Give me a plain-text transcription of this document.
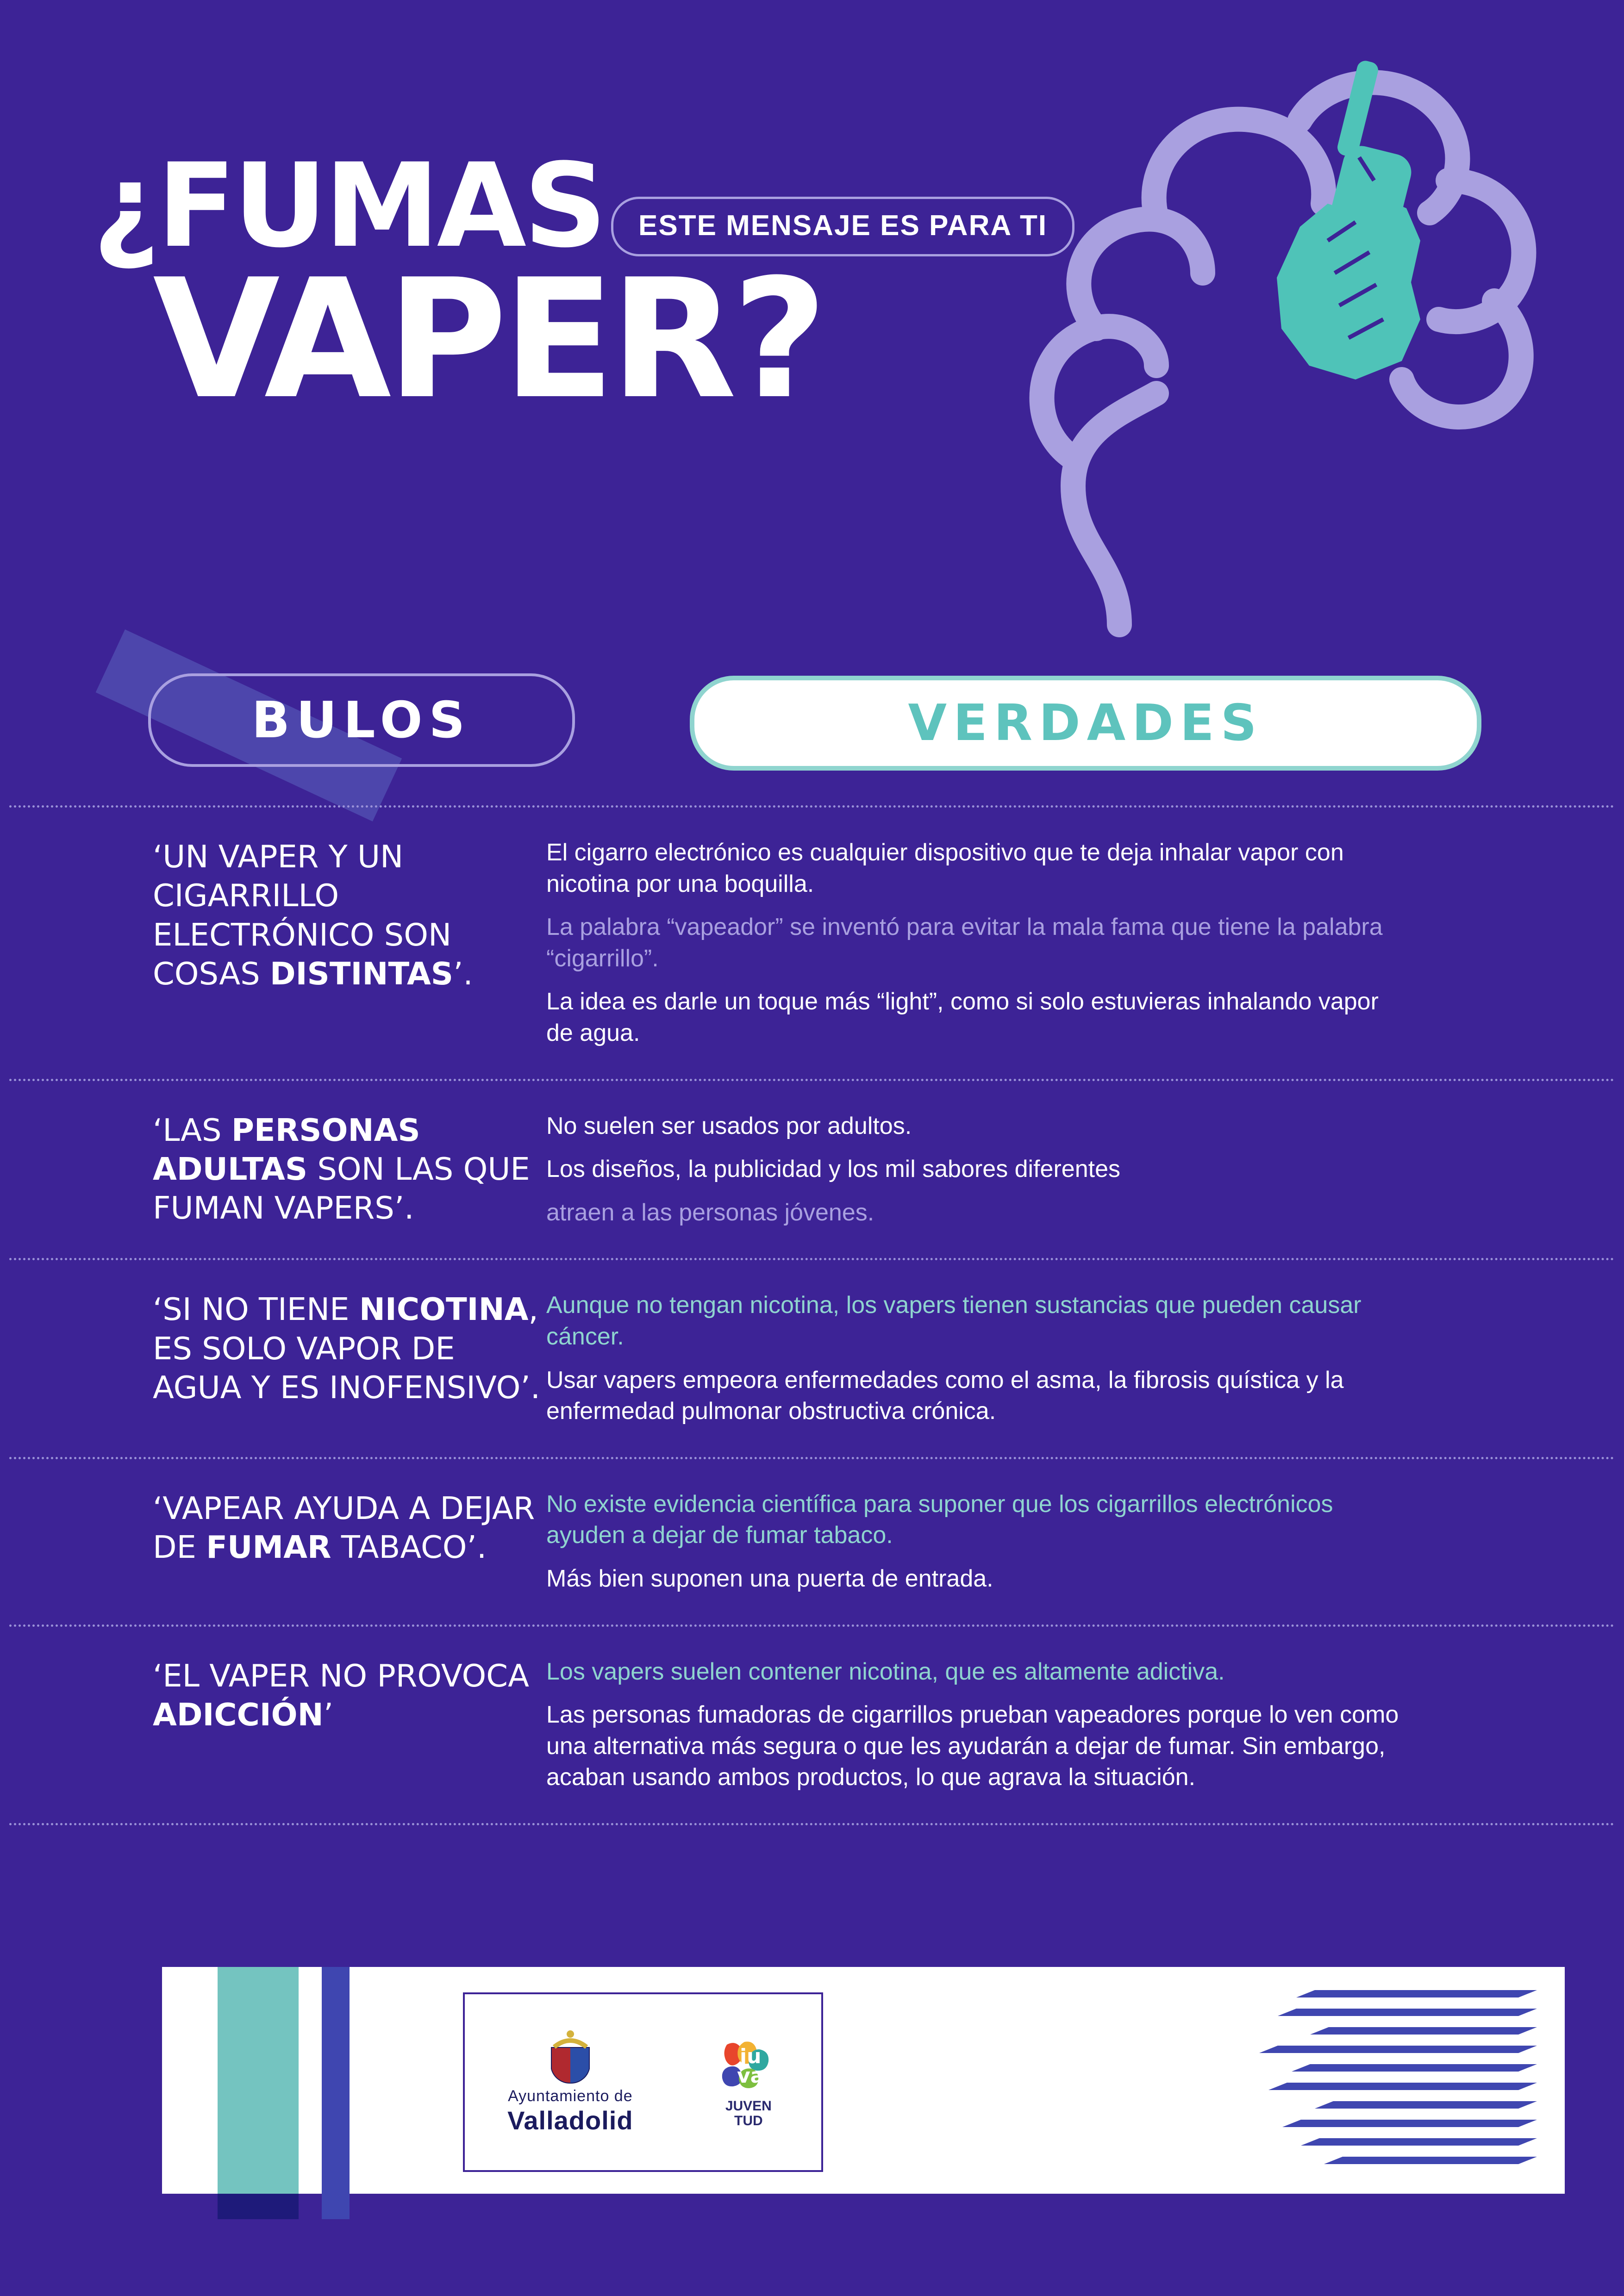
¿FUMAS
VAPER?
ESTE MENSAJE ES PARA TI
BULOS	VERDADES
‘UN VAPER Y UN CIGARRILLO ELECTRÓNICO SON COSAS DISTINTAS’.

El cigarro electrónico es cualquier dispositivo que te deja inhalar vapor con nicotina por una boquilla.

La palabra “vapeador” se inventó para evitar la mala fama que tiene la palabra “cigarrillo”.

La idea es darle un toque más “light”, como si solo estuvieras inhalando vapor de agua.

‘LAS PERSONAS ADULTAS SON LAS QUE FUMAN VAPERS’.

No suelen ser usados por adultos.

Los diseños, la publicidad y los mil sabores diferentes

atraen a las personas jóvenes.

‘SI NO TIENE NICOTINA, ES SOLO VAPOR DE AGUA Y ES INOFENSIVO’.

Aunque no tengan nicotina, los vapers tienen sustancias que pueden causar cáncer.

Usar vapers empeora enfermedades como el asma, la fibrosis quística y la enfermedad pulmonar obstructiva crónica.

‘VAPEAR AYUDA A DEJAR DE FUMAR TABACO’.

No existe evidencia científica para suponer que los cigarrillos electrónicos ayuden a dejar de fumar tabaco.

Más bien suponen una puerta de entrada.

‘EL VAPER NO PROVOCA ADICCIÓN’

Los vapers suelen contener nicotina, que es altamente adictiva.

Las personas fumadoras de cigarrillos prueban vapeadores porque lo ven como una alternativa más segura o que les ayudarán a dejar de fumar. Sin embargo, acaban usando ambos productos, lo que agrava la situación.

Ayuntamiento de
Valladolid
ju
va
JUVEN
TUD
